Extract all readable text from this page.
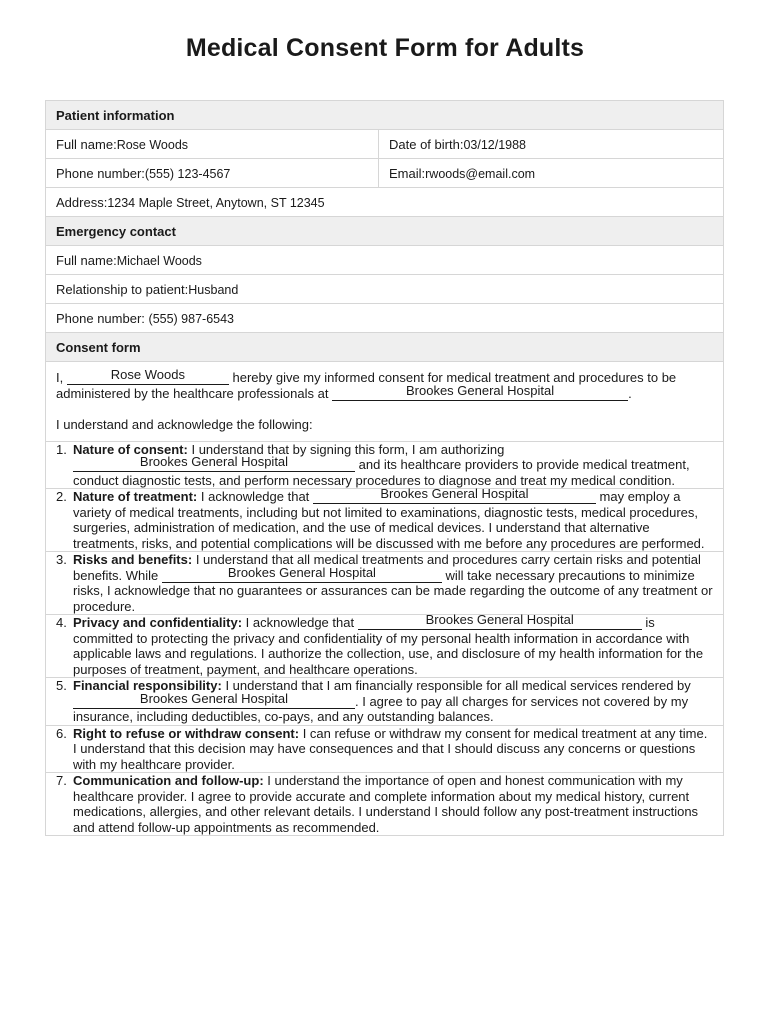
Medical Consent Form for Adults
Patient information	
Full name:Rose Woods	Date of birth:03/12/1988
Phone number:(555) 123-4567	Email:rwoods@email.com
Address:1234 Maple Street, Anytown, ST 12345	
Emergency contact	
Full name:Michael Woods	
Relationship to patient:Husband	
Phone number: (555) 987-6543	
Consent form	

I, Rose Woods hereby give my informed consent for medical treatment and procedures to be administered by the healthcare professionals at Brookes General Hospital .
I understand and acknowledge the following:	

1. Nature of consent: I understand that by signing this form, I am authorizing Brookes General Hospital and its healthcare providers to provide medical treatment, conduct diagnostic tests, and perform necessary procedures to diagnose and treat my medical condition.	

2. Nature of treatment: I acknowledge that Brookes General Hospital may employ a variety of medical treatments, including but not limited to examinations, diagnostic tests, medical procedures, surgeries, administration of medication, and the use of medical devices. I understand that alternative treatments, risks, and potential complications will be discussed with me before any procedures are performed.	

3. Risks and benefits: I understand that all medical treatments and procedures carry certain risks and potential benefits. While Brookes General Hospital will take necessary precautions to minimize risks, I acknowledge that no guarantees or assurances can be made regarding the outcome of any treatment or procedure.	

4. Privacy and confidentiality: I acknowledge that Brookes General Hospital is committed to protecting the privacy and confidentiality of my personal health information in accordance with applicable laws and regulations. I authorize the collection, use, and disclosure of my health information for the purposes of treatment, payment, and healthcare operations.	

5. Financial responsibility: I understand that I am financially responsible for all medical services rendered by Brookes General Hospital . I agree to pay all charges for services not covered by my insurance, including deductibles, co-pays, and any outstanding balances.	

6. Right to refuse or withdraw consent: I can refuse or withdraw my consent for medical treatment at any time. I understand that this decision may have consequences and that I should discuss any concerns or questions with my healthcare provider.	

7. Communication and follow-up: I understand the importance of open and honest communication with my healthcare provider. I agree to provide accurate and complete information about my medical history, current medications, allergies, and other relevant details. I understand I should follow any post-treatment instructions and attend follow-up appointments as recommended.	
